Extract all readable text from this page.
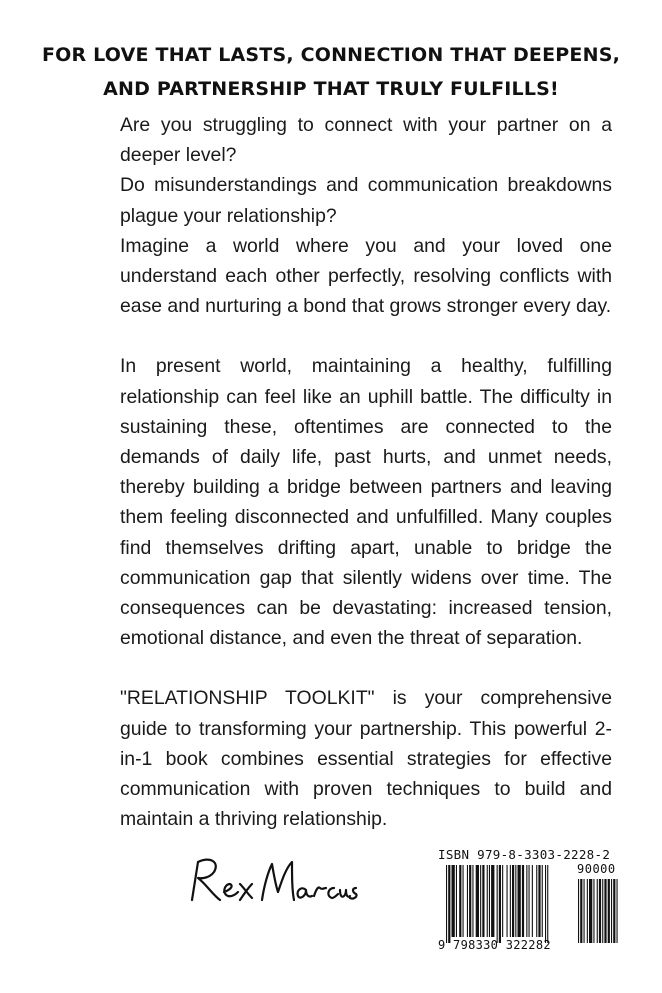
FOR LOVE THAT LASTS, CONNECTION THAT DEEPENS,
AND PARTNERSHIP THAT TRULY FULFILLS!

Are you struggling to connect with your partner on a deeper level?

Do misunderstandings and communication breakdowns plague your relationship?

Imagine a world where you and your loved one understand each other perfectly, resolving conflicts with ease and nurturing a bond that grows stronger every day.

In present world, maintaining a healthy, fulfilling relationship can feel like an uphill battle. The difficulty in sustaining these, oftentimes are connected to the demands of daily life, past hurts, and unmet needs, thereby building a bridge between partners and leaving them feeling disconnected and unfulfilled. Many couples find themselves drifting apart, unable to bridge the communication gap that silently widens over time. The consequences can be devastating: increased tension, emotional distance, and even the threat of separation.

"RELATIONSHIP TOOLKIT" is your comprehensive guide to transforming your partnership. This powerful 2-in-1 book combines essential strategies for effective communication with proven techniques to build and maintain a thriving relationship.

ISBN 979-8-3303-2228-2
90000
9 798330 322282
